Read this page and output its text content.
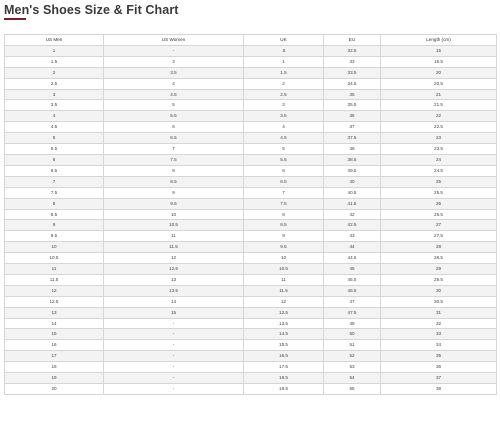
Men's Shoes Size & Fit Chart
US Men	US Women	UK	EU	Length (cm)
1	-	.5	32.5	15
1.5	3	1	33	15.5
2	3.5	1.5	33.5	20
2.5	4	2	34.5	20.5
3	4.5	2.5	35	21
3.5	5	3	35.5	21.5
4	5.5	3.5	36	22
4.5	6	4	37	22.5
5	6.5	4.5	37.5	23
5.5	7	5	38	23.5
6	7.5	5.5	38.5	24
6.5	8	6	39.5	24.5
7	8.5	6.5	40	25
7.5	9	7	40.5	25.5
8	9.5	7.5	41.5	26
8.5	10	8	42	26.5
9	10.5	8.5	42.5	27
9.5	11	9	43	27.5
10	11.5	9.5	44	28
10.5	12	10	44.5	28.5
11	12.5	10.5	45	29
11.5	13	11	45.5	29.5
12	13.5	11.5	46.5	30
12.5	14	12	47	30.5
13	15	12.5	47.5	31
14	-	13.5	49	32
15	-	14.5	50	33
16	-	15.5	51	34
17	-	16.5	52	35
18	-	17.5	53	36
19	-	18.5	54	37
20	-	19.5	55	38
